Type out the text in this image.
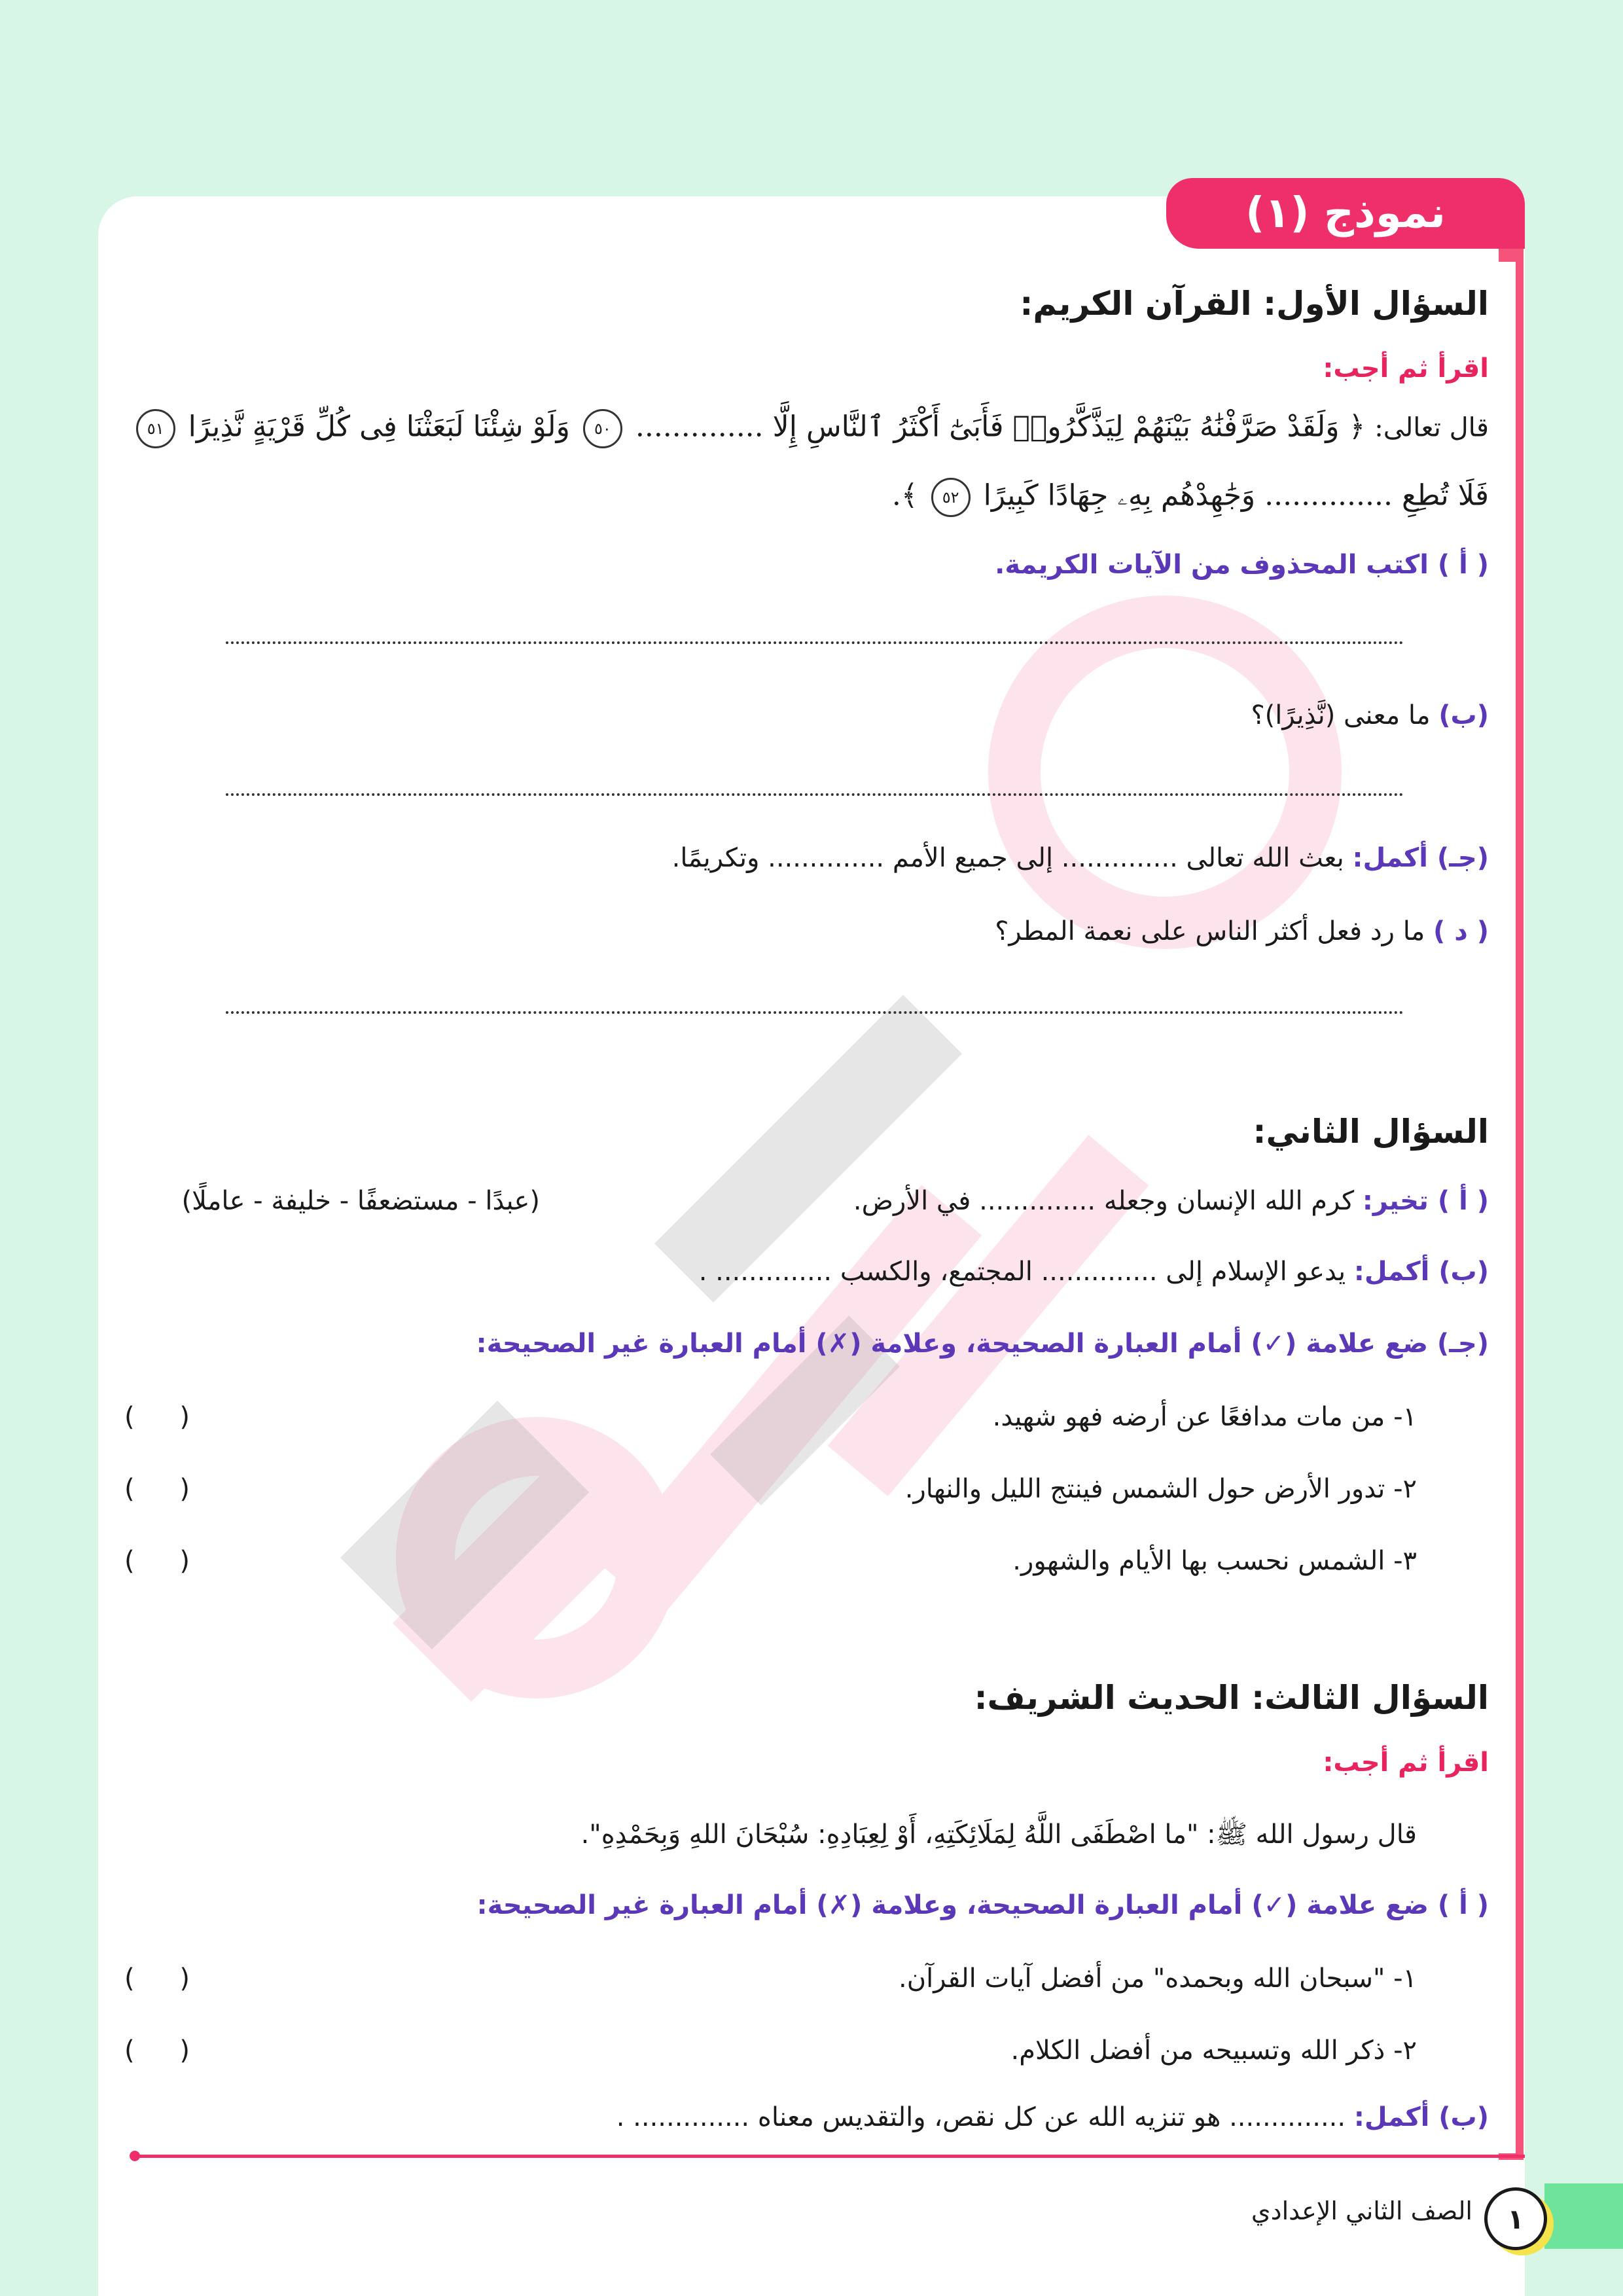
نموذج (١)
السؤال الأول: القرآن الكريم:
اقرأ ثم أجب:
قال تعالى: ﴿ وَلَقَدْ صَرَّفْنَٰهُ بَيْنَهُمْ لِيَذَّكَّرُوا۟ فَأَبَىٰٓ أَكْثَرُ ٱلنَّاسِ إِلَّا .............. ٥٠ وَلَوْ شِئْنَا لَبَعَثْنَا فِى كُلِّ قَرْيَةٍ نَّذِيرًا ٥١
فَلَا تُطِعِ .............. وَجَٰهِدْهُم بِهِۦ جِهَادًا كَبِيرًا ٥٢ ﴾.
( أ ) اكتب المحذوف من الآيات الكريمة.
(ب) ما معنى (نَّذِيرًا)؟
(جـ) أكمل: بعث الله تعالى .............. إلى جميع الأمم .............. وتكريمًا.
( د ) ما رد فعل أكثر الناس على نعمة المطر؟
السؤال الثاني:
( أ ) تخير: كرم الله الإنسان وجعله .............. في الأرض.
(عبدًا - مستضعفًا - خليفة - عاملًا)
(ب) أكمل: يدعو الإسلام إلى .............. المجتمع، والكسب .............. .
(جـ) ضع علامة (✓) أمام العبارة الصحيحة، وعلامة (✗) أمام العبارة غير الصحيحة:
١- من مات مدافعًا عن أرضه فهو شهيد.
( )
٢- تدور الأرض حول الشمس فينتج الليل والنهار.
( )
٣- الشمس نحسب بها الأيام والشهور.
( )
السؤال الثالث: الحديث الشريف:
اقرأ ثم أجب:
قال رسول الله ﷺ: "ما اصْطَفَى اللَّهُ لِمَلَائِكَتِهِ، أَوْ لِعِبَادِهِ: سُبْحَانَ اللهِ وَبِحَمْدِهِ".
( أ ) ضع علامة (✓) أمام العبارة الصحيحة، وعلامة (✗) أمام العبارة غير الصحيحة:
١- "سبحان الله وبحمده" من أفضل آيات القرآن.
( )
٢- ذكر الله وتسبيحه من أفضل الكلام.
( )
(ب) أكمل: .............. هو تنزيه الله عن كل نقص، والتقديس معناه .............. .
الصف الثاني الإعدادي	١
